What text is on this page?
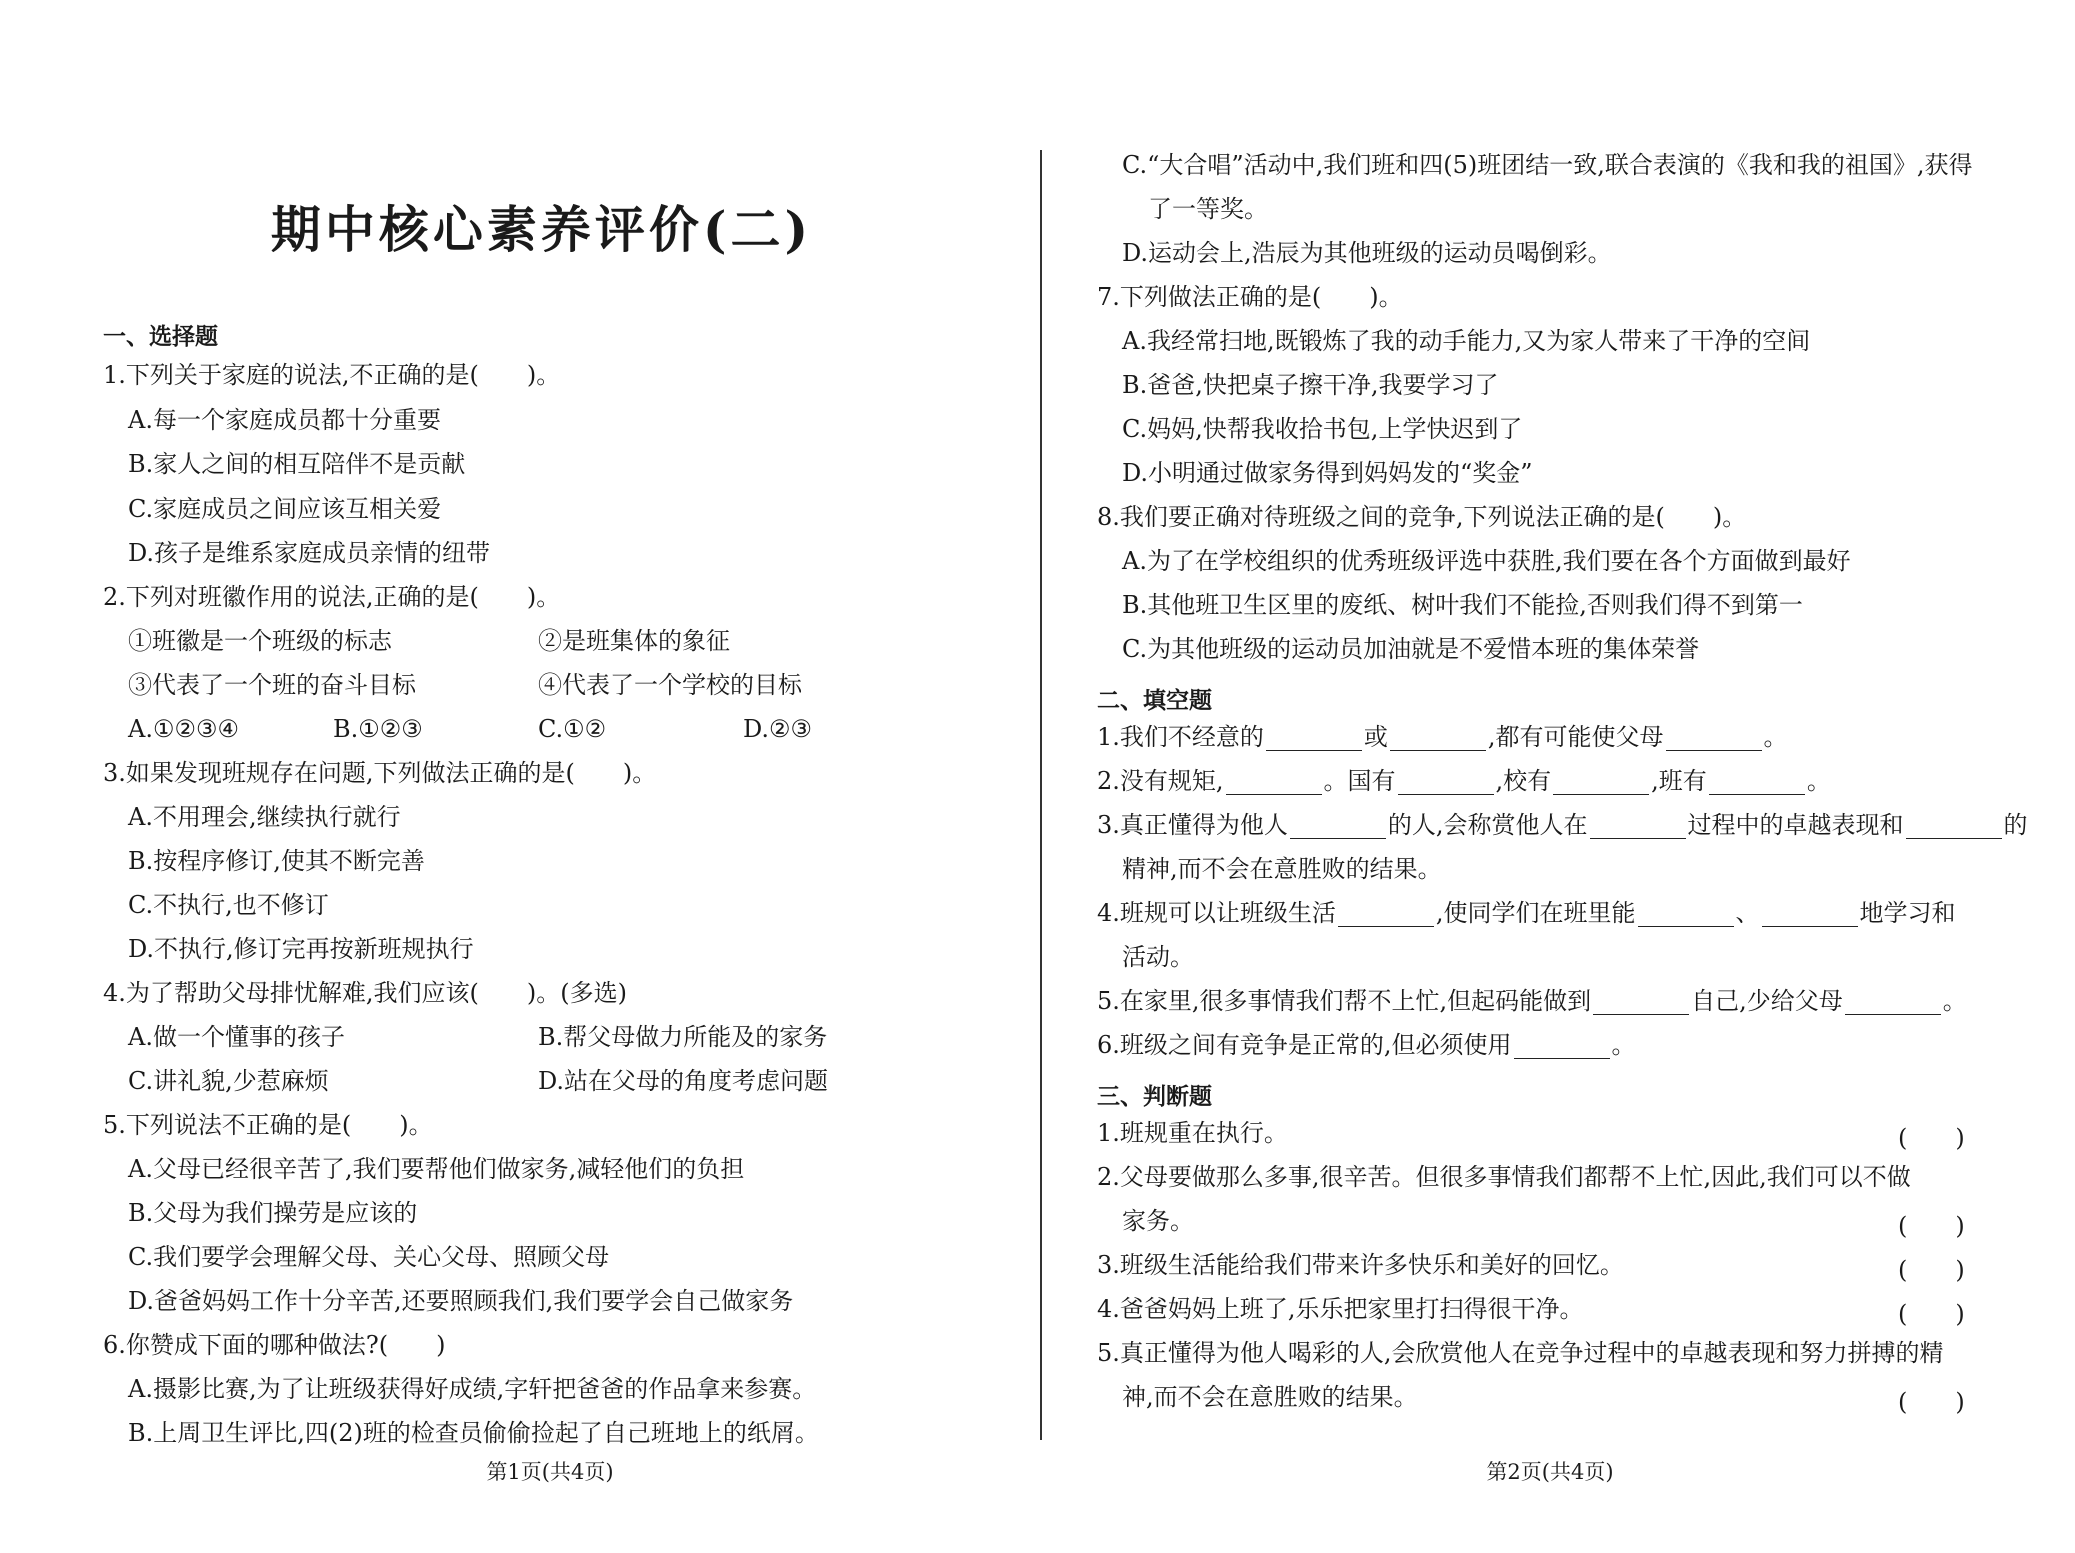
期中核心素养评价(二)
一、选择题
1.下列关于家庭的说法,不正确的是(　　)。
A.每一个家庭成员都十分重要
B.家人之间的相互陪伴不是贡献
C.家庭成员之间应该互相关爱
D.孩子是维系家庭成员亲情的纽带
2.下列对班徽作用的说法,正确的是(　　)。
①班徽是一个班级的标志	②是班集体的象征
③代表了一个班的奋斗目标	④代表了一个学校的目标
A.①②③④	B.①②③	C.①②	D.②③
3.如果发现班规存在问题,下列做法正确的是(　　)。
A.不用理会,继续执行就行
B.按程序修订,使其不断完善
C.不执行,也不修订
D.不执行,修订完再按新班规执行
4.为了帮助父母排忧解难,我们应该(　　)。(多选)
A.做一个懂事的孩子	B.帮父母做力所能及的家务
C.讲礼貌,少惹麻烦	D.站在父母的角度考虑问题
5.下列说法不正确的是(　　)。
A.父母已经很辛苦了,我们要帮他们做家务,减轻他们的负担
B.父母为我们操劳是应该的
C.我们要学会理解父母、关心父母、照顾父母
D.爸爸妈妈工作十分辛苦,还要照顾我们,我们要学会自己做家务
6.你赞成下面的哪种做法?(　　)
A.摄影比赛,为了让班级获得好成绩,字轩把爸爸的作品拿来参赛。
B.上周卫生评比,四(2)班的检查员偷偷捡起了自己班地上的纸屑。
第1页(共4页)
C.“大合唱”活动中,我们班和四(5)班团结一致,联合表演的《我和我的祖国》,获得
了一等奖。
D.运动会上,浩辰为其他班级的运动员喝倒彩。
7.下列做法正确的是(　　)。
A.我经常扫地,既锻炼了我的动手能力,又为家人带来了干净的空间
B.爸爸,快把桌子擦干净,我要学习了
C.妈妈,快帮我收拾书包,上学快迟到了
D.小明通过做家务得到妈妈发的“奖金”
8.我们要正确对待班级之间的竞争,下列说法正确的是(　　)。
A.为了在学校组织的优秀班级评选中获胜,我们要在各个方面做到最好
B.其他班卫生区里的废纸、树叶我们不能捡,否则我们得不到第一
C.为其他班级的运动员加油就是不爱惜本班的集体荣誉
二、填空题
1.我们不经意的	或	,都有可能使父母	。
2.没有规矩,	。国有	,校有	,班有	。
3.真正懂得为他人	的人,会称赏他人在	过程中的卓越表现和	的
精神,而不会在意胜败的结果。
4.班规可以让班级生活	,使同学们在班里能	、	地学习和
活动。
5.在家里,很多事情我们帮不上忙,但起码能做到	自己,少给父母	。
6.班级之间有竞争是正常的,但必须使用	。
三、判断题
1.班规重在执行。	(　　)
2.父母要做那么多事,很辛苦。但很多事情我们都帮不上忙,因此,我们可以不做
家务。	(　　)
3.班级生活能给我们带来许多快乐和美好的回忆。	(　　)
4.爸爸妈妈上班了,乐乐把家里打扫得很干净。	(　　)
5.真正懂得为他人喝彩的人,会欣赏他人在竞争过程中的卓越表现和努力拼搏的精
神,而不会在意胜败的结果。	(　　)
第2页(共4页)
